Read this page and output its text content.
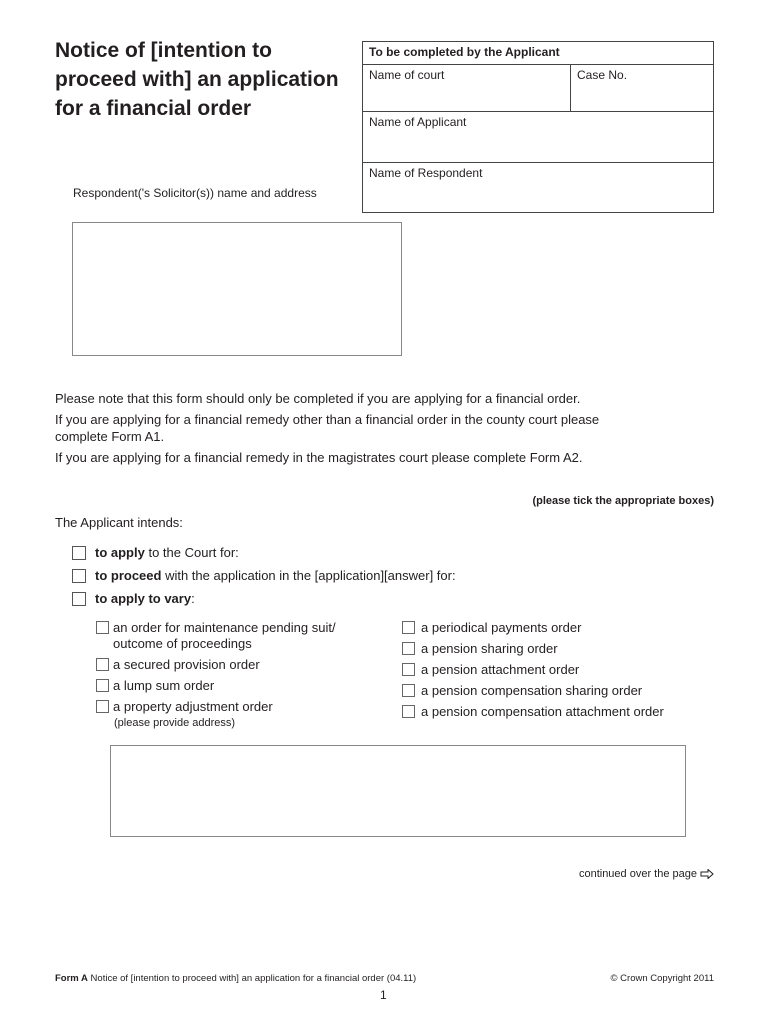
Notice of [intention to
proceed with] an application
for a financial order
To be completed by the Applicant
Name of court	Case No.
Name of Applicant
Name of Respondent
Respondent('s Solicitor(s)) name and address

Please note that this form should only be completed if you are applying for a financial order.

If you are applying for a financial remedy other than a financial order in the county court please

complete Form A1.

If you are applying for a financial remedy in the magistrates court please complete Form A2.

(please tick the appropriate boxes)
The Applicant intends:
to apply to the Court for:
to proceed with the application in the [application][answer] for:
to apply to vary:
an order for maintenance pending suit/
outcome of proceedings
a secured provision order
a lump sum order
a property adjustment order
(please provide address)
a periodical payments order
a pension sharing order
a pension attachment order
a pension compensation sharing order
a pension compensation attachment order
continued over the page
Form A Notice of [intention to proceed with] an application for a financial order (04.11)	© Crown Copyright 2011
1
